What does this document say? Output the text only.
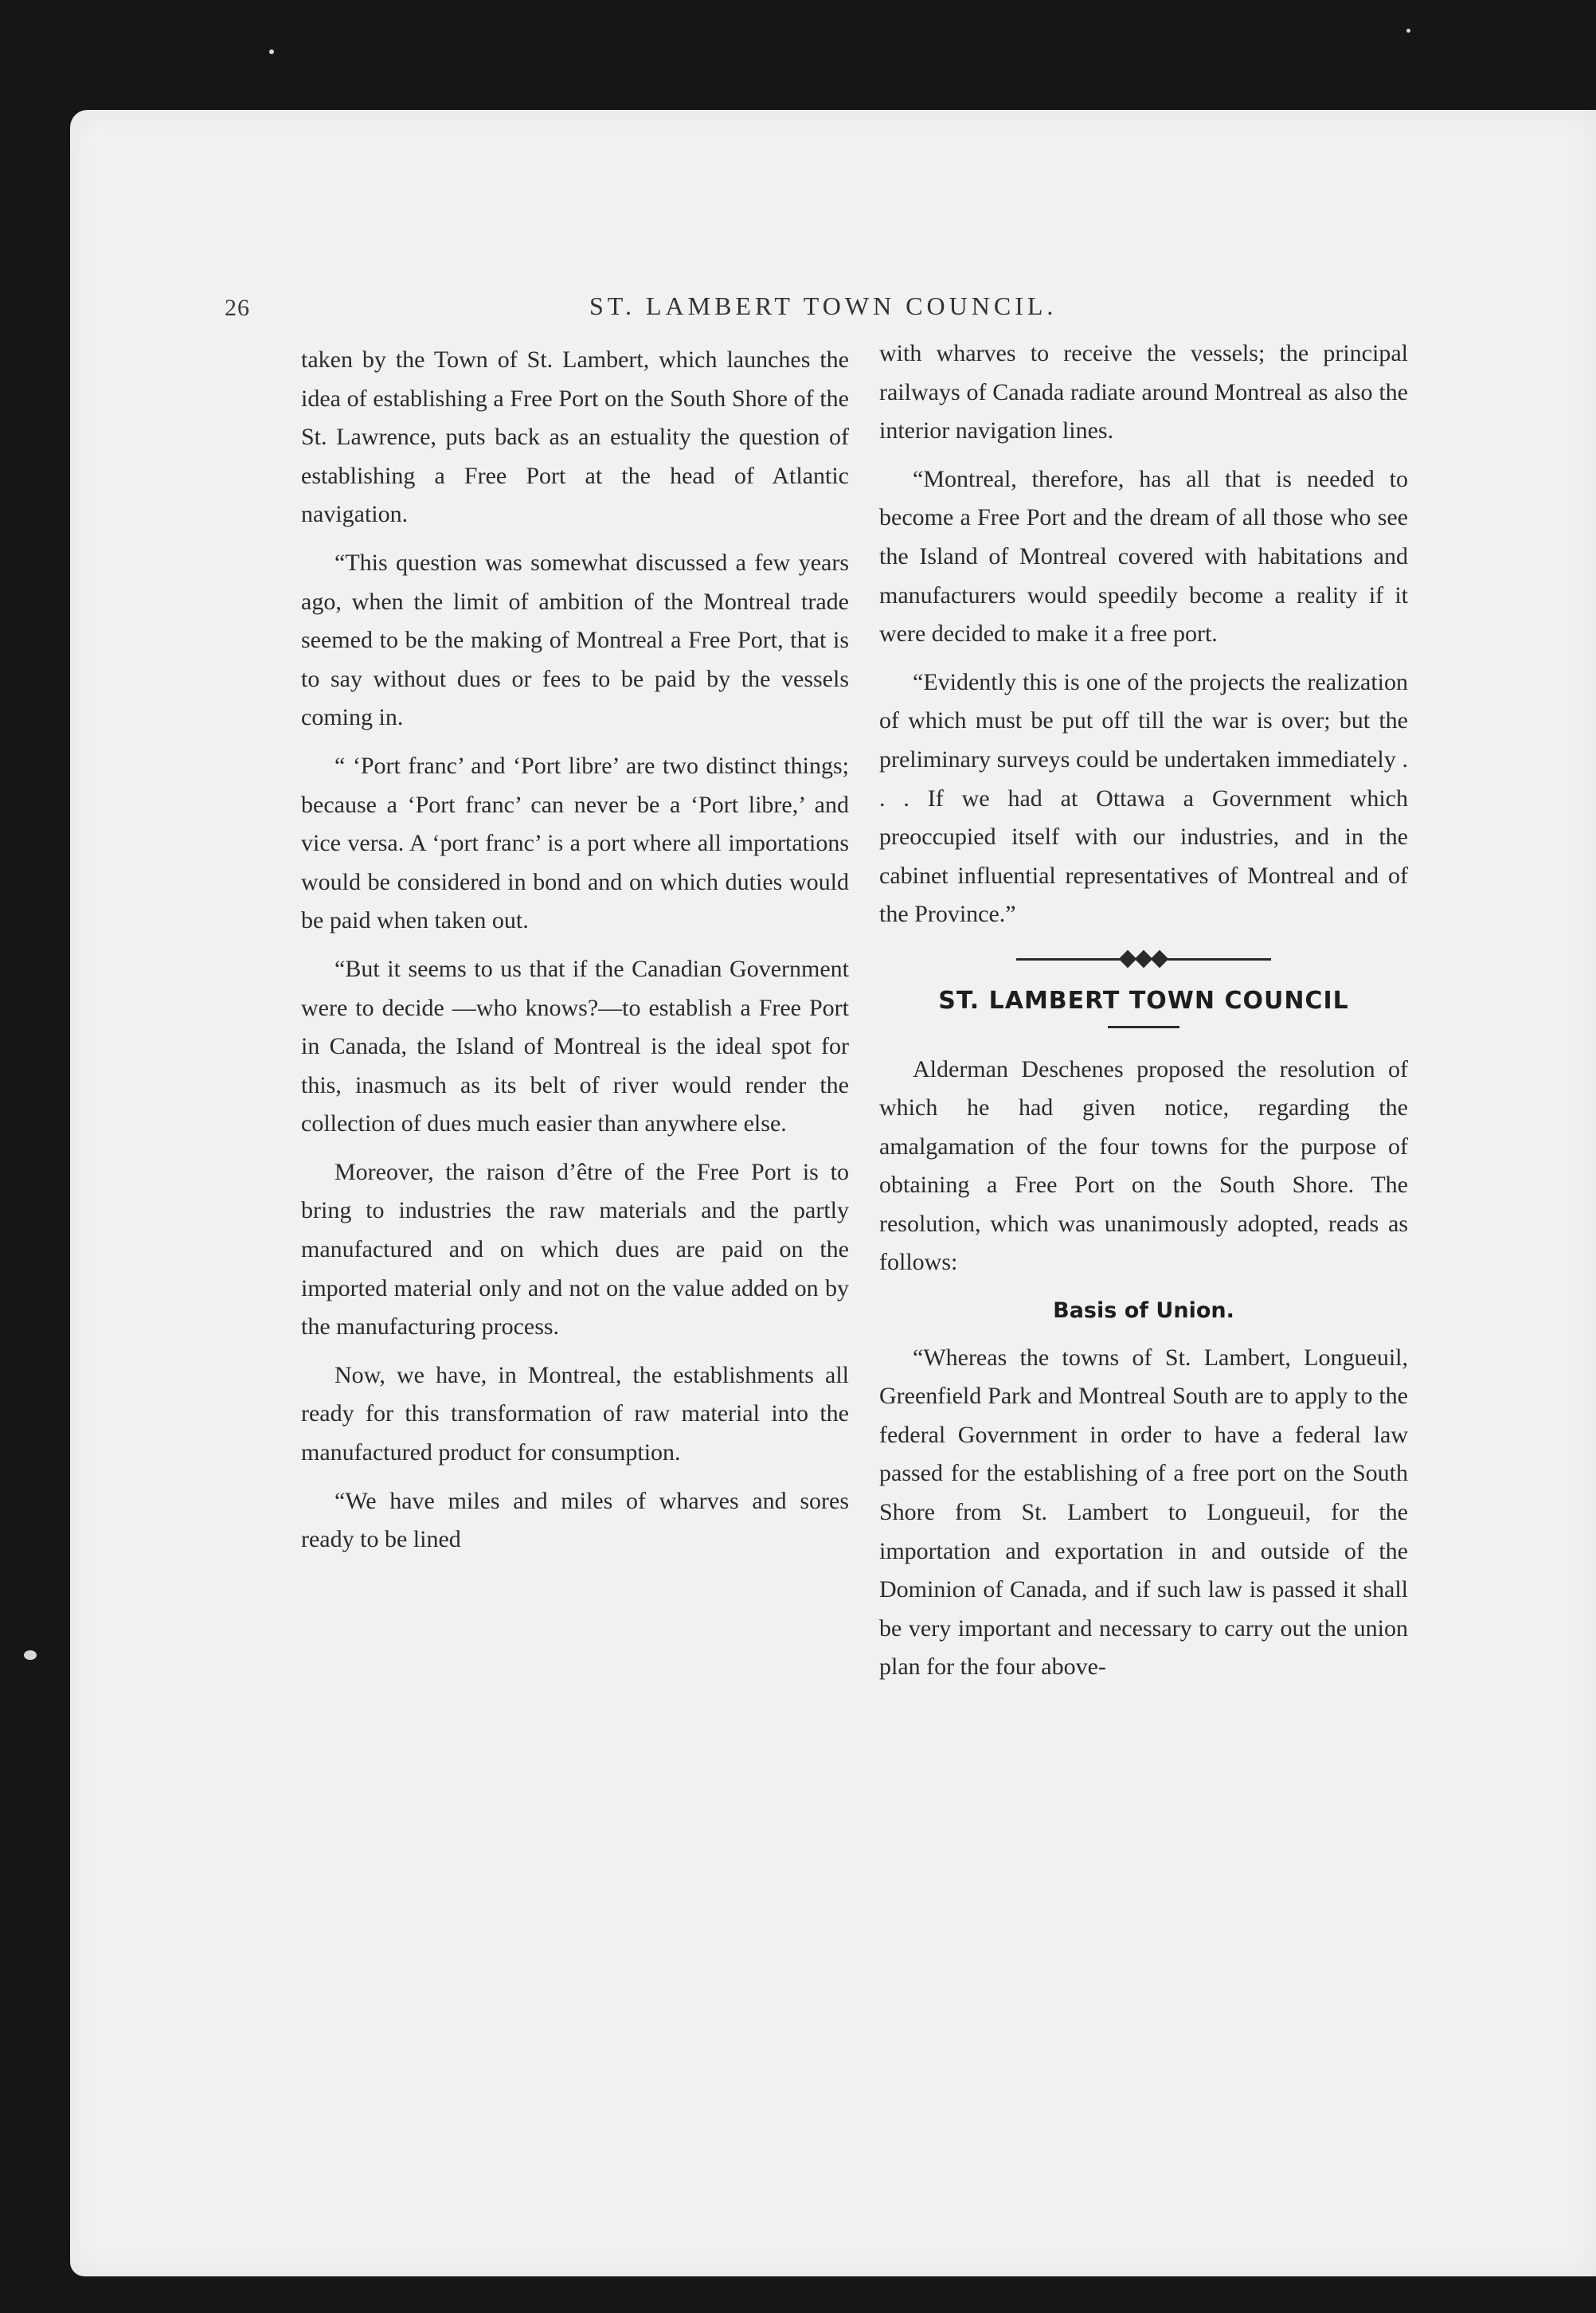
26	ST. LAMBERT TOWN COUNCIL.

taken by the Town of St. Lambert, which launches the idea of establishing a Free Port on the South Shore of the St. Lawrence, puts back as an estuality the question of establishing a Free Port at the head of Atlantic navigation.

“This question was somewhat discussed a few years ago, when the limit of ambition of the Montreal trade seemed to be the making of Montreal a Free Port, that is to say without dues or fees to be paid by the vessels coming in.

“ ‘Port franc’ and ‘Port libre’ are two distinct things; because a ‘Port franc’ can never be a ‘Port libre,’ and vice versa. A ‘port franc’ is a port where all importations would be considered in bond and on which duties would be paid when taken out.

“But it seems to us that if the Canadian Government were to decide —who knows?—to establish a Free Port in Canada, the Island of Montreal is the ideal spot for this, inasmuch as its belt of river would render the collection of dues much easier than anywhere else.

Moreover, the raison d’être of the Free Port is to bring to industries the raw materials and the partly manufactured and on which dues are paid on the imported material only and not on the value added on by the manufacturing process.

Now, we have, in Montreal, the establishments all ready for this transformation of raw material into the manufactured product for consumption.

“We have miles and miles of wharves and sores ready to be lined

with wharves to receive the vessels; the principal railways of Canada radiate around Montreal as also the interior navigation lines.

“Montreal, therefore, has all that is needed to become a Free Port and the dream of all those who see the Island of Montreal covered with habitations and manufacturers would speedily become a reality if it were decided to make it a free port.

“Evidently this is one of the projects the realization of which must be put off till the war is over; but the preliminary surveys could be undertaken immediately . . . If we had at Ottawa a Government which preoccupied itself with our industries, and in the cabinet influential representatives of Montreal and of the Province.”

ST. LAMBERT TOWN COUNCIL

Alderman Deschenes proposed the resolution of which he had given notice, regarding the amalgamation of the four towns for the purpose of obtaining a Free Port on the South Shore. The resolution, which was unanimously adopted, reads as follows:

Basis of Union.

“Whereas the towns of St. Lambert, Longueuil, Greenfield Park and Montreal South are to apply to the federal Government in order to have a federal law passed for the establishing of a free port on the South Shore from St. Lambert to Longueuil, for the importation and exportation in and outside of the Dominion of Canada, and if such law is passed it shall be very important and necessary to carry out the union plan for the four above-
